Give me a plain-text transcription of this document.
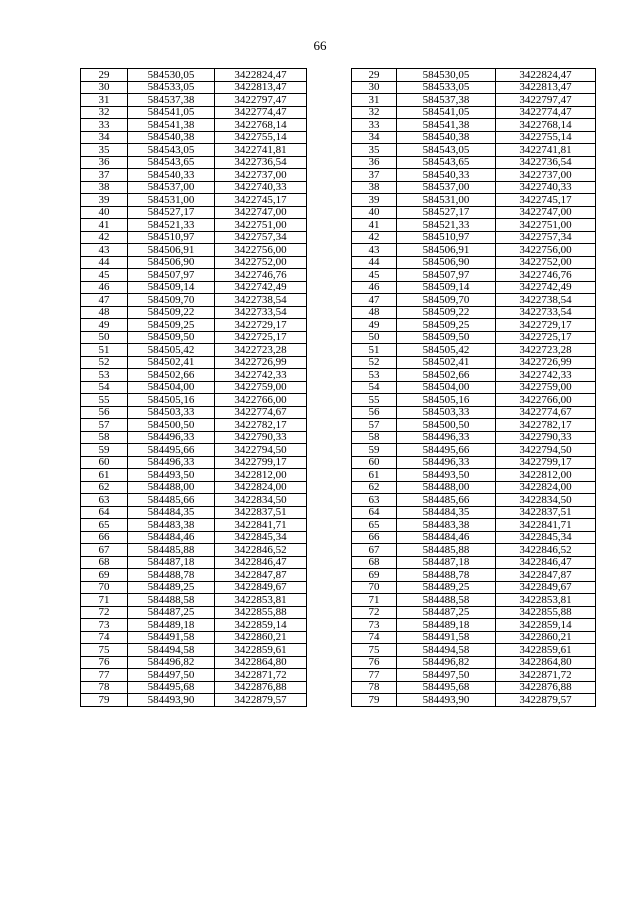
66
29	584530,05	3422824,47		29	584530,05	3422824,47
30	584533,05	3422813,47		30	584533,05	3422813,47
31	584537,38	3422797,47		31	584537,38	3422797,47
32	584541,05	3422774,47		32	584541,05	3422774,47
33	584541,38	3422768,14		33	584541,38	3422768,14
34	584540,38	3422755,14		34	584540,38	3422755,14
35	584543,05	3422741,81		35	584543,05	3422741,81
36	584543,65	3422736,54		36	584543,65	3422736,54
37	584540,33	3422737,00		37	584540,33	3422737,00
38	584537,00	3422740,33		38	584537,00	3422740,33
39	584531,00	3422745,17		39	584531,00	3422745,17
40	584527,17	3422747,00		40	584527,17	3422747,00
41	584521,33	3422751,00		41	584521,33	3422751,00
42	584510,97	3422757,34		42	584510,97	3422757,34
43	584506,91	3422756,00		43	584506,91	3422756,00
44	584506,90	3422752,00		44	584506,90	3422752,00
45	584507,97	3422746,76		45	584507,97	3422746,76
46	584509,14	3422742,49		46	584509,14	3422742,49
47	584509,70	3422738,54		47	584509,70	3422738,54
48	584509,22	3422733,54		48	584509,22	3422733,54
49	584509,25	3422729,17		49	584509,25	3422729,17
50	584509,50	3422725,17		50	584509,50	3422725,17
51	584505,42	3422723,28		51	584505,42	3422723,28
52	584502,41	3422726,99		52	584502,41	3422726,99
53	584502,66	3422742,33		53	584502,66	3422742,33
54	584504,00	3422759,00		54	584504,00	3422759,00
55	584505,16	3422766,00		55	584505,16	3422766,00
56	584503,33	3422774,67		56	584503,33	3422774,67
57	584500,50	3422782,17		57	584500,50	3422782,17
58	584496,33	3422790,33		58	584496,33	3422790,33
59	584495,66	3422794,50		59	584495,66	3422794,50
60	584496,33	3422799,17		60	584496,33	3422799,17
61	584493,50	3422812,00		61	584493,50	3422812,00
62	584488,00	3422824,00		62	584488,00	3422824,00
63	584485,66	3422834,50		63	584485,66	3422834,50
64	584484,35	3422837,51		64	584484,35	3422837,51
65	584483,38	3422841,71		65	584483,38	3422841,71
66	584484,46	3422845,34		66	584484,46	3422845,34
67	584485,88	3422846,52		67	584485,88	3422846,52
68	584487,18	3422846,47		68	584487,18	3422846,47
69	584488,78	3422847,87		69	584488,78	3422847,87
70	584489,25	3422849,67		70	584489,25	3422849,67
71	584488,58	3422853,81		71	584488,58	3422853,81
72	584487,25	3422855,88		72	584487,25	3422855,88
73	584489,18	3422859,14		73	584489,18	3422859,14
74	584491,58	3422860,21		74	584491,58	3422860,21
75	584494,58	3422859,61		75	584494,58	3422859,61
76	584496,82	3422864,80		76	584496,82	3422864,80
77	584497,50	3422871,72		77	584497,50	3422871,72
78	584495,68	3422876,88		78	584495,68	3422876,88
79	584493,90	3422879,57		79	584493,90	3422879,57
